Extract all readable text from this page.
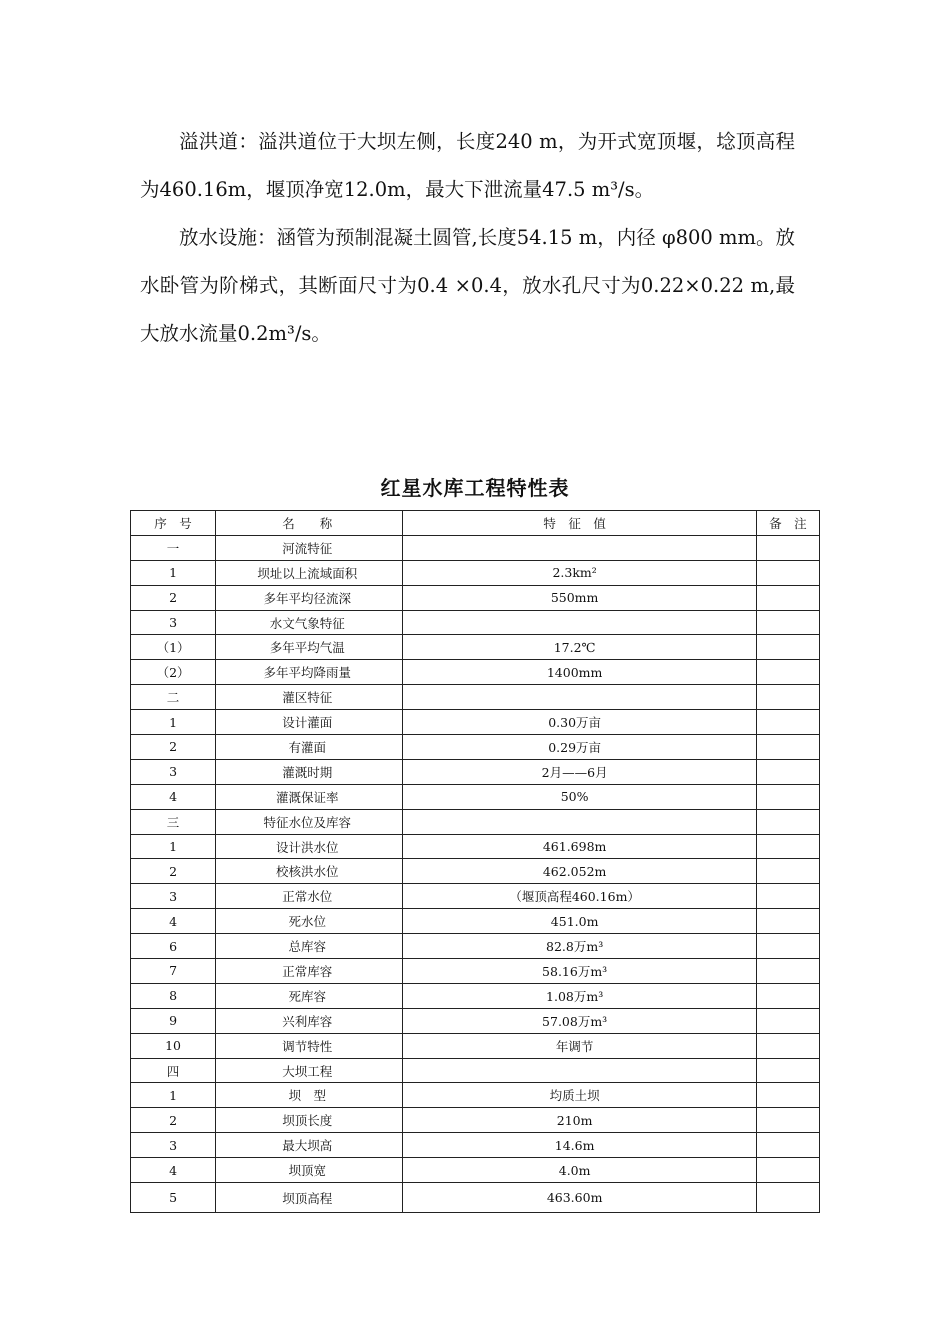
溢洪道：溢洪道位于大坝左侧，长度240 m，为开式宽顶堰，埝顶高程为460.16m，堰顶净宽12.0m，最大下泄流量47.5 m³/s。

放水设施：涵管为预制混凝土圆管,长度54.15 m，内径 φ800 mm。放水卧管为阶梯式，其断面尺寸为0.4 ×0.4，放水孔尺寸为0.22×0.22 m,最大放水流量0.2m³/s。

红星水库工程特性表
序　号	名　　称	特　征　值	备　注
一	河流特征		
1	坝址以上流域面积	2.3km²	
2	多年平均径流深	550mm	
3	水文气象特征		
（1）	多年平均气温	17.2℃	
（2）	多年平均降雨量	1400mm	
二	灌区特征		
1	设计灌面	0.30万亩	
2	有灌面	0.29万亩	
3	灌溉时期	2月——6月	
4	灌溉保证率	50%	
三	特征水位及库容		
1	设计洪水位	461.698m	
2	校核洪水位	462.052m	
3	正常水位	（堰顶高程460.16m）	
4	死水位	451.0m	
6	总库容	82.8万m³	
7	正常库容	58.16万m³	
8	死库容	1.08万m³	
9	兴利库容	57.08万m³	
10	调节特性	年调节	
四	大坝工程		
1	坝　型	均质土坝	
2	坝顶长度	210m	
3	最大坝高	14.6m	
4	坝顶宽	4.0m	
5	坝顶高程	463.60m	
